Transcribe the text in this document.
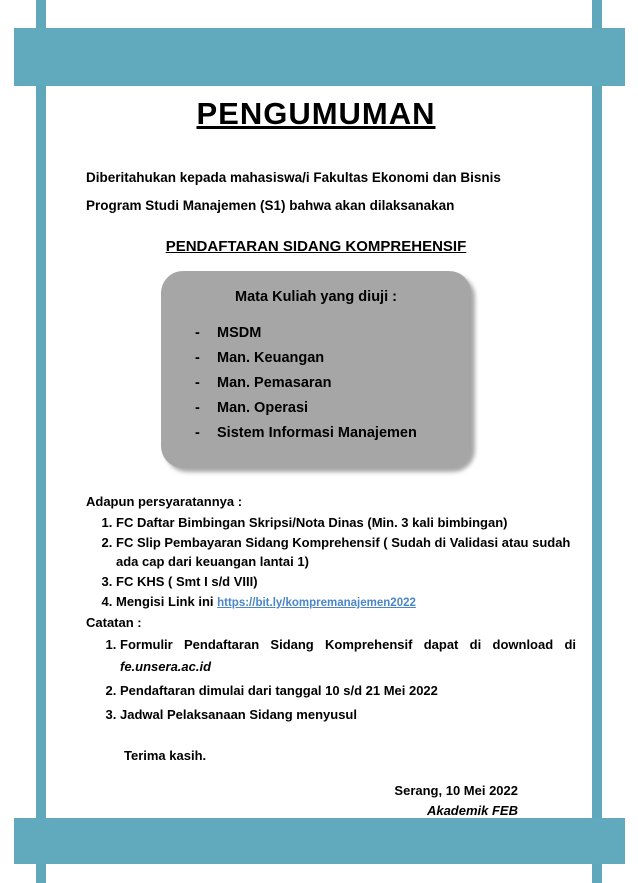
PENGUMUMAN
Diberitahukan kepada mahasiswa/i Fakultas Ekonomi dan Bisnis
Program Studi Manajemen (S1) bahwa akan dilaksanakan
PENDAFTARAN SIDANG KOMPREHENSIF
Mata Kuliah yang diuji :
- MSDM
- Man. Keuangan
- Man. Pemasaran
- Man. Operasi
- Sistem Informasi Manajemen
Adapun persyaratannya :
1. FC Daftar Bimbingan Skripsi/Nota Dinas (Min. 3 kali bimbingan)
2. FC Slip Pembayaran Sidang Komprehensif ( Sudah di Validasi atau sudah ada cap dari keuangan lantai 1)
3. FC KHS ( Smt I s/d VIII)
4. Mengisi Link ini https://bit.ly/kompremanajemen2022
Catatan :
1. Formulir Pendaftaran Sidang Komprehensif dapat di download di fe.unsera.ac.id
2. Pendaftaran dimulai dari tanggal 10 s/d 21 Mei 2022
3. Jadwal Pelaksanaan Sidang menyusul
Terima kasih.
Serang, 10 Mei 2022
Akademik FEB
